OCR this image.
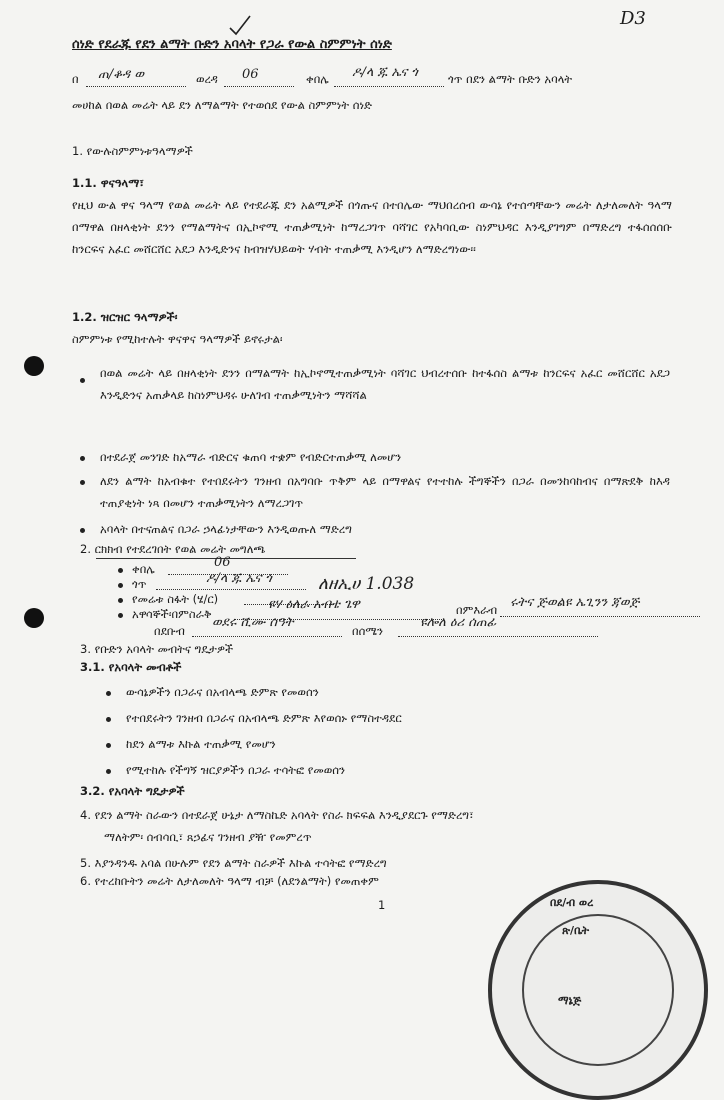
D3
ሰነድ የደራጁ የደን ልማት ቡድን አባላት የጋራ የውል ስምምነት ሰነድ
በ ጠ/ቆዳ ወ	ወረዳ 06	ቀበሌ ዶ/ላ ጁ ኤና ጎ	ጎጥ በደን ልማት ቡድን አባላት
መሀከል በወል መሬት ላይ ደን ለማልማት የተወሰደ የውል ስምምነት ሰነድ
1. የውሉስምምነቱዓላማዎች
1.1. ዋናዓላማ፣
የዚህ ውል ዋና ዓላማ የወል መሬት ላይ የተደራጁ ደን አልሚዎች በጎጡና በተበሌው ማህበረሰብ ውሳኔ የተሰጣቸውን መሬት ለታለመለት ዓላማ በማዋል በዘላቂነት ደንን የማልማትና በኢኮኖሚ ተጠቃሚነት ከማረጋገጥ ባሻገር የአካባቢው ስነምህዳር እንዲያገግም በማድረግ ተፋሰሰሰቡ ከንርፍና አፈር መሸርሸር አደጋ እንዲድንና ከብዝሃህይወት ሃብት ተጠቃሚ እንዲሆን ለማድረግነው፡፡
1.2. ዝርዝር ዓላማዎች፡
ስምምነቱ የሚከተሉት ዋናዋና ዓላማዎች ይኖሩታል፡
በወል መሬት ላይ በዘላቂነት ደንን በማልማት ከኢኮኖሚተጠቃሚነት ባሻገር ህብረተሰቡ ከተፋሰስ ልማቱ ከንርፍና አፈር መሸርሸር አደጋ እንዲድንና አጠቃላይ ከስነምህዳሩ ሁለገብ ተጠቃሚነትን ማሻሻል
በተደራጀ መንገድ ከአማራ ብድርና ቁጠባ ተቋም የብድርተጠቃሚ ለመሆን
ለደን ልማት ከአብቁተ የተበደሩትን ገንዘብ በአግባቡ ጥቅም ላይ በማዋልና የተተከሉ ችግኞችን በጋራ በመንከባከብና በማጽደቅ ከእዳ ተጠያቂነት ነጻ በመሆን ተጠቃሚነትን ለማረጋገጥ
አባላት በተናጠልና በጋራ ኃላፊነታቸውን እንዲወጡለ ማድረግ
2. ርክክብ የተደረገበት የወል መሬት መግለጫ
ቀበሌ	06
ጎጥ	ዶ/ላ ጁ ኤና ጎ
የመሬቱ ስፋት (ሄ/ር)
ለዘኢሀ 1.038
አዋሳኞች፡በምስራቅ
ዩሃ ዕለራ አብቴ ጌዋ	በምእራብ ሩትና ጅወልዩ ኤጊንን ጃወጅ
በደቡብ
ወደሩ ሺሙ ሰዓት
በሰሜን
ዩሎለ ዕሪ ሰጠፊ
3. የቡድን አባላት መብትና ግዴታዎች
3.1. የአባላት መብቶች
ውሳኔዎችን በጋራና በአብላጫ ድምጽ የመወሰን
የተበደሩትን ገንዘብ በጋራና በአብላጫ ድምጽ እየወሰኑ የማስተዳደር
ከደን ልማቱ እኩል ተጠቃሚ የመሆን
የሚተከሉ የችግኝ ዝርያዎችን በጋራ ተሳትፎ የመወሰን
3.2. የአባላት ግዴታዎች
4. የደን ልማት ስራውን በተደራጀ ሁኔታ ለማስኬድ አባላት የስራ ክፍፍል እንዲያደርጉ የማድረግ፣
ማለትም፡ ሰብሳቢ፣ ጸኃፊና ገንዘብ ያዥ የመምረጥ
5. እያንዳንዱ አባል በሁሉም የደን ልማት ስራዎች እኩል ተሳትፎ የማድረግ
6. የተረከቡትን መሬት ለታለመለት ዓላማ ብቻ (ለደንልማት) የመጠቀም
1	በደ/ብ ወረ
ጽ/ቤት
ማኔጅ
